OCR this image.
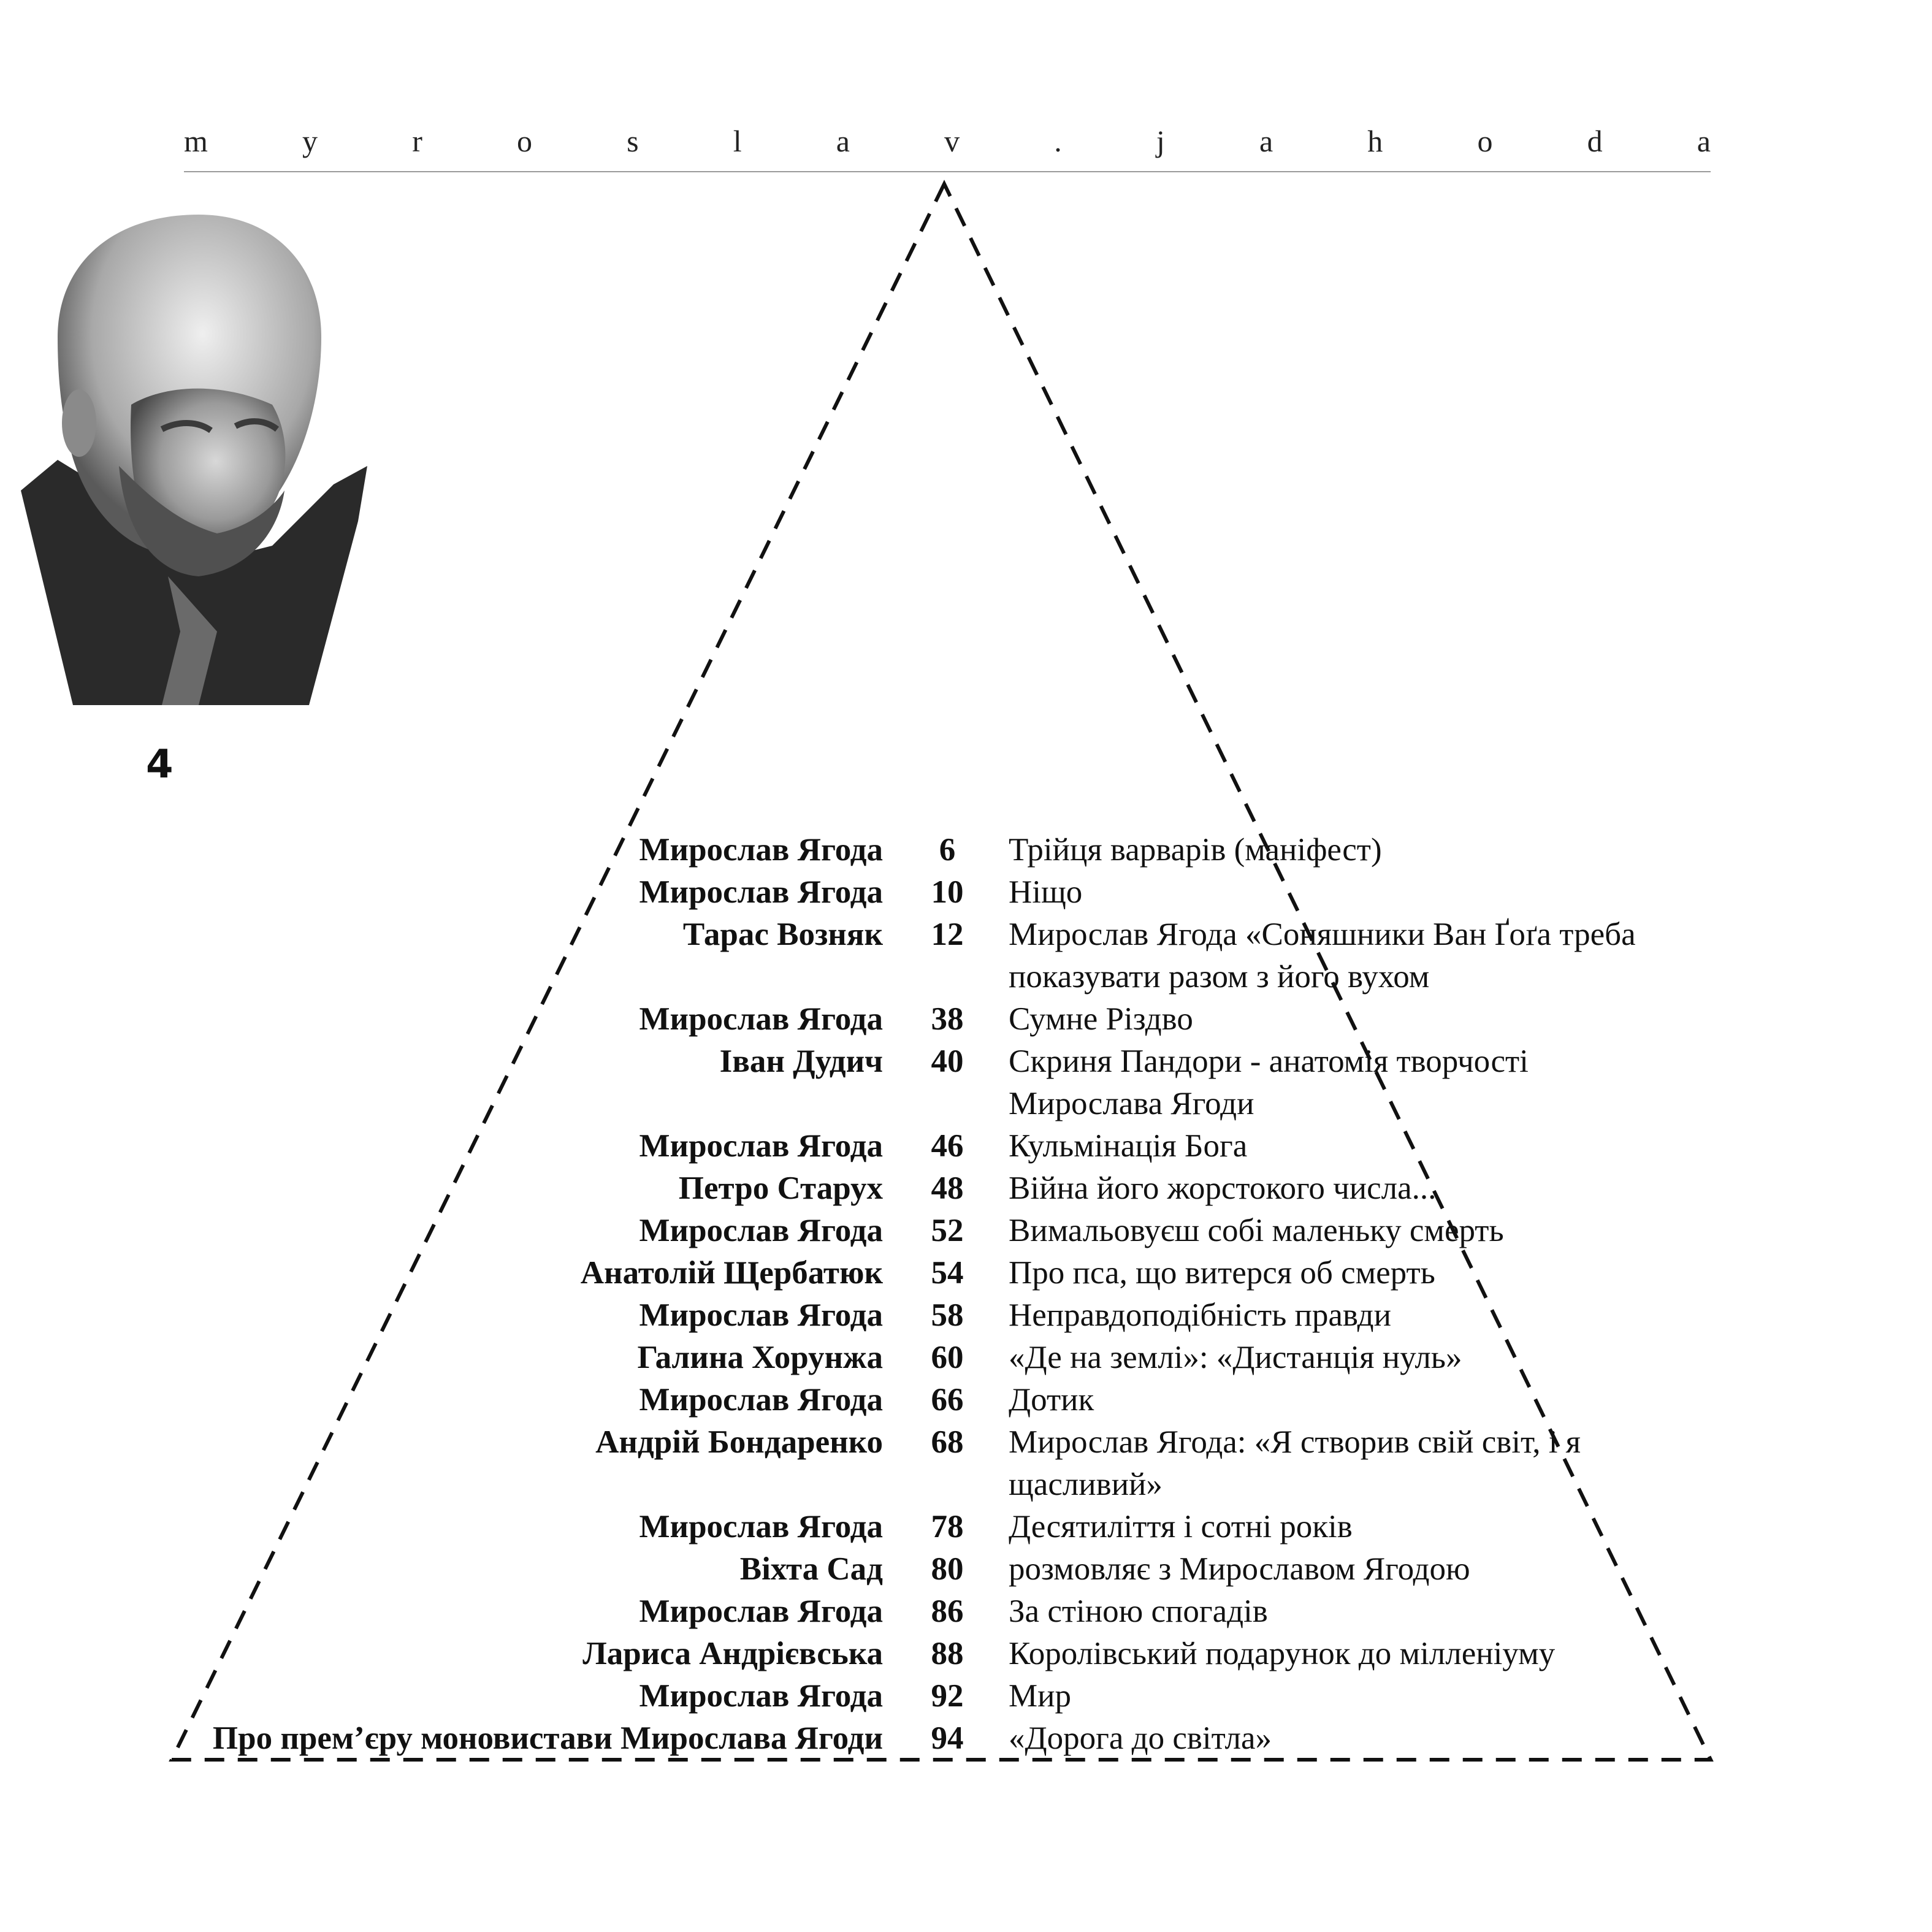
m	y	r	o	s	l	a	v	.	j	a	h	o	d	a
4
Мирослав Ягода	6	Трійця варварів (маніфест)
Мирослав Ягода	10	Ніщо
Тарас Возняк	12	Мирослав Ягода «Соняшники Ван Ґоґа треба
показувати разом з його вухом
Мирослав Ягода	38	Сумне Різдво
Іван Дудич	40	Скриня Пандори - анатомія творчості
Мирослава Ягоди
Мирослав Ягода	46	Кульмінація Бога
Петро Старух	48	Війна його жорстокого числа...
Мирослав Ягода	52	Вимальовуєш собі маленьку смерть
Анатолій Щербатюк	54	Про пса, що витерся об смерть
Мирослав Ягода	58	Неправдоподібність правди
Галина Хорунжа	60	«Де на землі»: «Дистанція нуль»
Мирослав Ягода	66	Дотик
Андрій Бондаренко	68	Мирослав Ягода: «Я створив свій світ, і я
щасливий»
Мирослав Ягода	78	Десятиліття і сотні років
Віхта Сад	80	розмовляє з Мирославом Ягодою
Мирослав Ягода	86	За стіною спогадів
Лариса Андрієвська	88	Королівський подарунок до мілленіуму
Мирослав Ягода	92	Мир
Про прем’єру моновистави Мирослава Ягоди	94	«Дорога до світла»
